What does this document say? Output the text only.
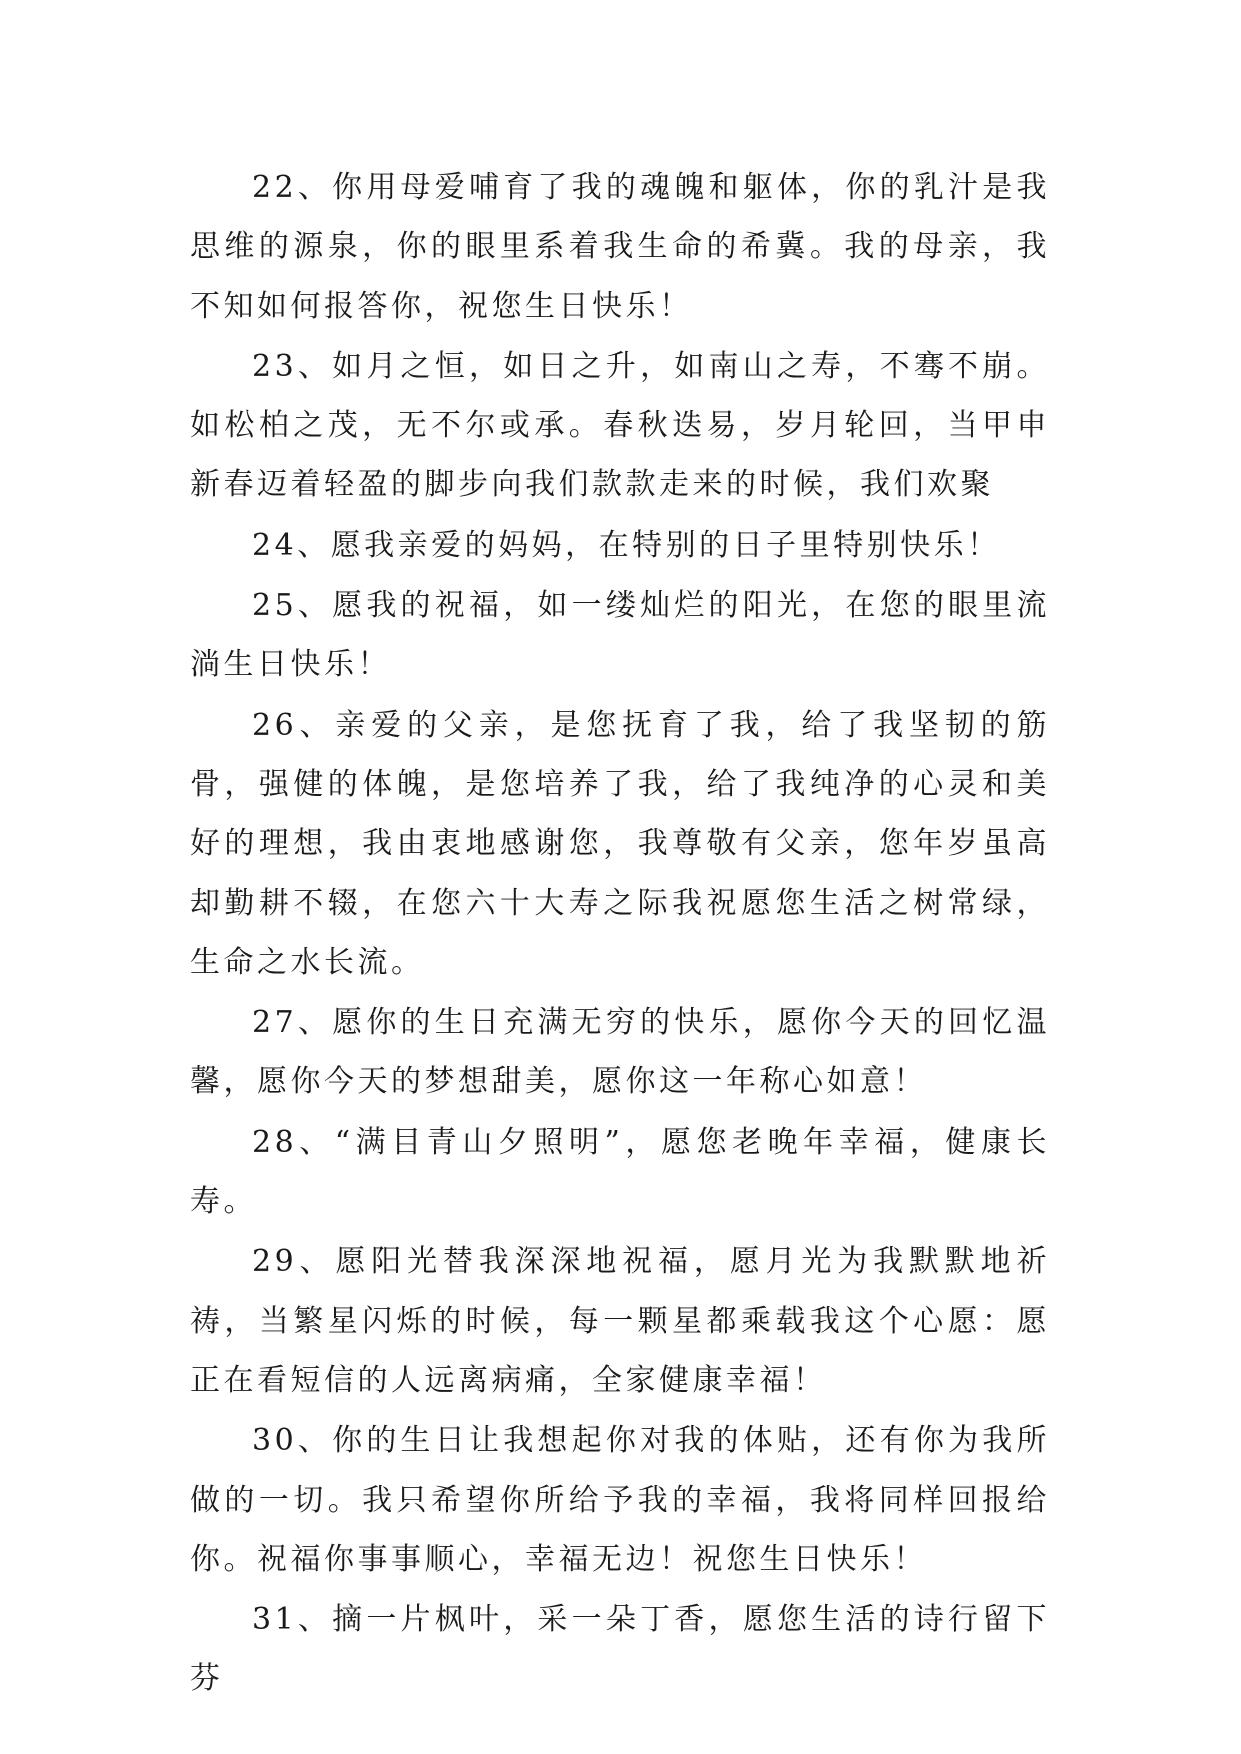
22、你用母爱哺育了我的魂魄和躯体，你的乳汁是我思维的源泉，你的眼里系着我生命的希冀。我的母亲，我不知如何报答你，祝您生日快乐！

23、如月之恒，如日之升，如南山之寿，不骞不崩。如松柏之茂，无不尔或承。春秋迭易，岁月轮回，当甲申新春迈着轻盈的脚步向我们款款走来的时候，我们欢聚

24、愿我亲爱的妈妈，在特别的日子里特别快乐！

25、愿我的祝福，如一缕灿烂的阳光，在您的眼里流淌生日快乐！

26、亲爱的父亲，是您抚育了我，给了我坚韧的筋骨，强健的体魄，是您培养了我，给了我纯净的心灵和美好的理想，我由衷地感谢您，我尊敬有父亲，您年岁虽高却勤耕不辍，在您六十大寿之际我祝愿您生活之树常绿，生命之水长流。

27、愿你的生日充满无穷的快乐，愿你今天的回忆温馨，愿你今天的梦想甜美，愿你这一年称心如意！

28、“满目青山夕照明”，愿您老晚年幸福，健康长寿。

29、愿阳光替我深深地祝福，愿月光为我默默地祈祷，当繁星闪烁的时候，每一颗星都乘载我这个心愿：愿正在看短信的人远离病痛，全家健康幸福！

30、你的生日让我想起你对我的体贴，还有你为我所做的一切。我只希望你所给予我的幸福，我将同样回报给你。祝福你事事顺心，幸福无边！祝您生日快乐！

31、摘一片枫叶，采一朵丁香，愿您生活的诗行留下芬
